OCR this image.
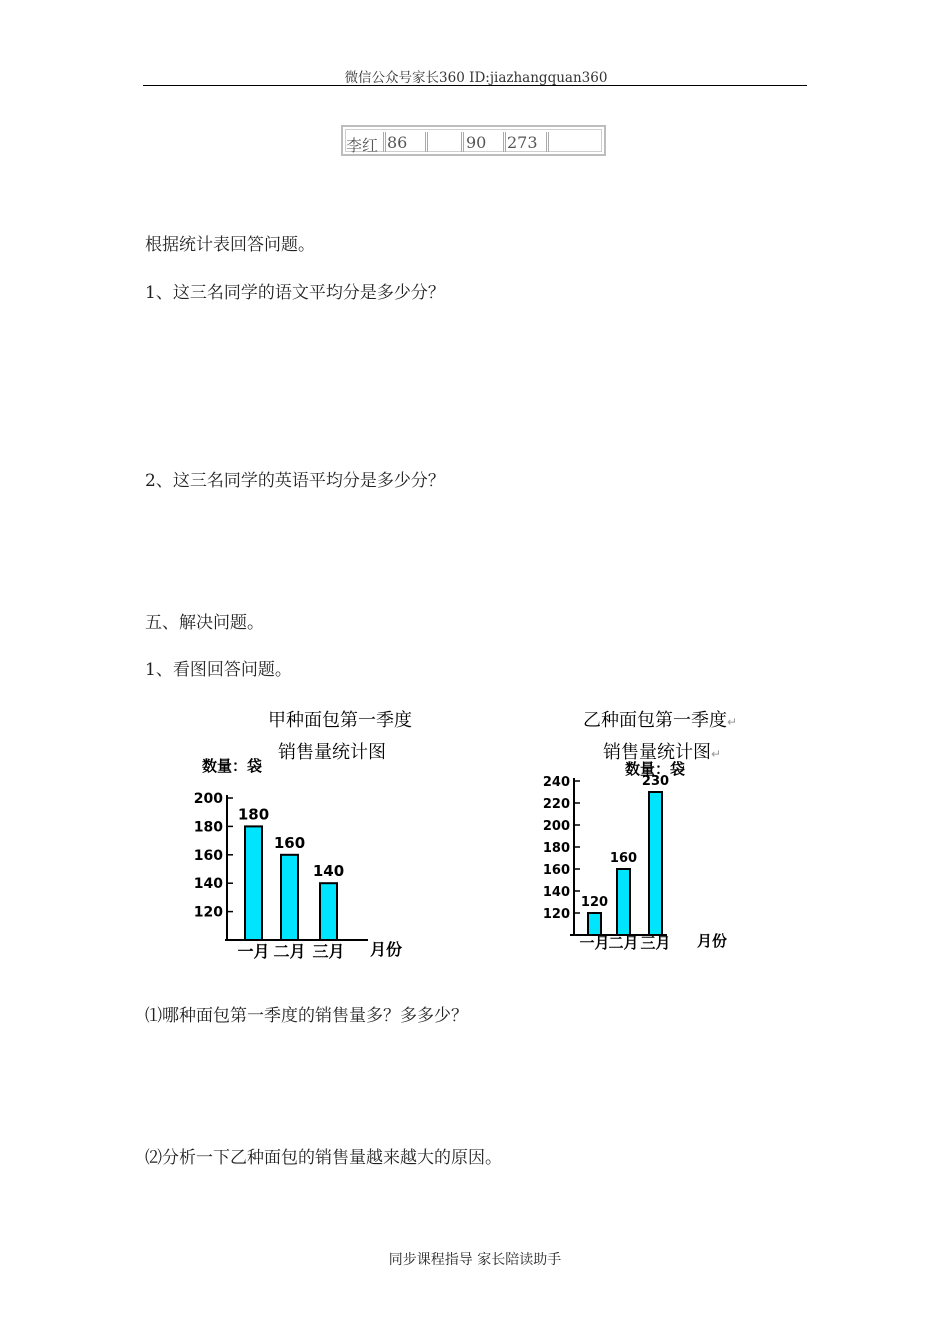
微信公众号家长360 ID:jiazhangquan360
李红 86	90 273
根据统计表回答问题。
1、这三名同学的语文平均分是多少分？
2、这三名同学的英语平均分是多少分？
五、解决问题。
1、看图回答问题。
甲种面包第一季度
销售量统计图
乙种面包第一季度↵
销售量统计图↵
数量：袋
120
140
160
180
200
180
一月
160
二月
140
三月 月份
数量：袋
120
140
160
180
200
220
240
120
一月
160
二月
230
三月 月份
⑴哪种面包第一季度的销售量多？多多少？
⑵分析一下乙种面包的销售量越来越大的原因。
同步课程指导 家长陪读助手
